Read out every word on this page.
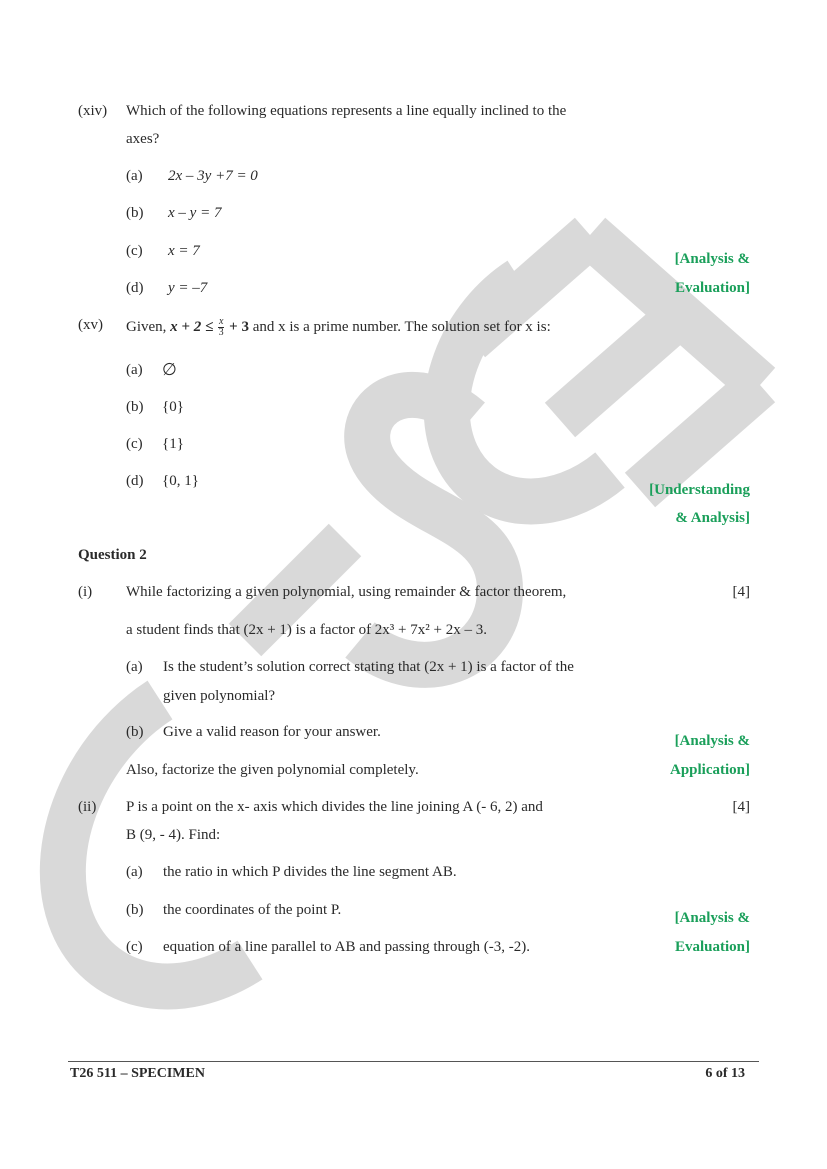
(xiv) Which of the following equations represents a line equally inclined to the
axes?
(a) 2x – 3y +7 = 0
(b) x – y = 7
(c) x = 7
(d) y = –7
[Analysis &
Evaluation]
(xv) Given, $x + 2 \le \frac{x}{3} + 3$ and x is a prime number. The solution set for x is:
(a) ∅
(b) {0}
(c) {1}
(d) {0, 1}
[Understanding
& Analysis]
Question 2
(i) While factorizing a given polynomial, using remainder & factor theorem,	[4]
a student finds that (2x + 1) is a factor of 2x³ + 7x² + 2x – 3.
(a) Is the student’s solution correct stating that (2x + 1) is a factor of the
given polynomial?
(b) Give a valid reason for your answer.
Also, factorize the given polynomial completely.
[Analysis &
Application]
(ii) P is a point on the x- axis which divides the line joining A (- 6, 2) and	[4]
B (9, - 4). Find:
(a) the ratio in which P divides the line segment AB.
(b) the coordinates of the point P.
(c) equation of a line parallel to AB and passing through (-3, -2).
[Analysis &
Evaluation]
T26 511 – SPECIMEN	6 of 13
